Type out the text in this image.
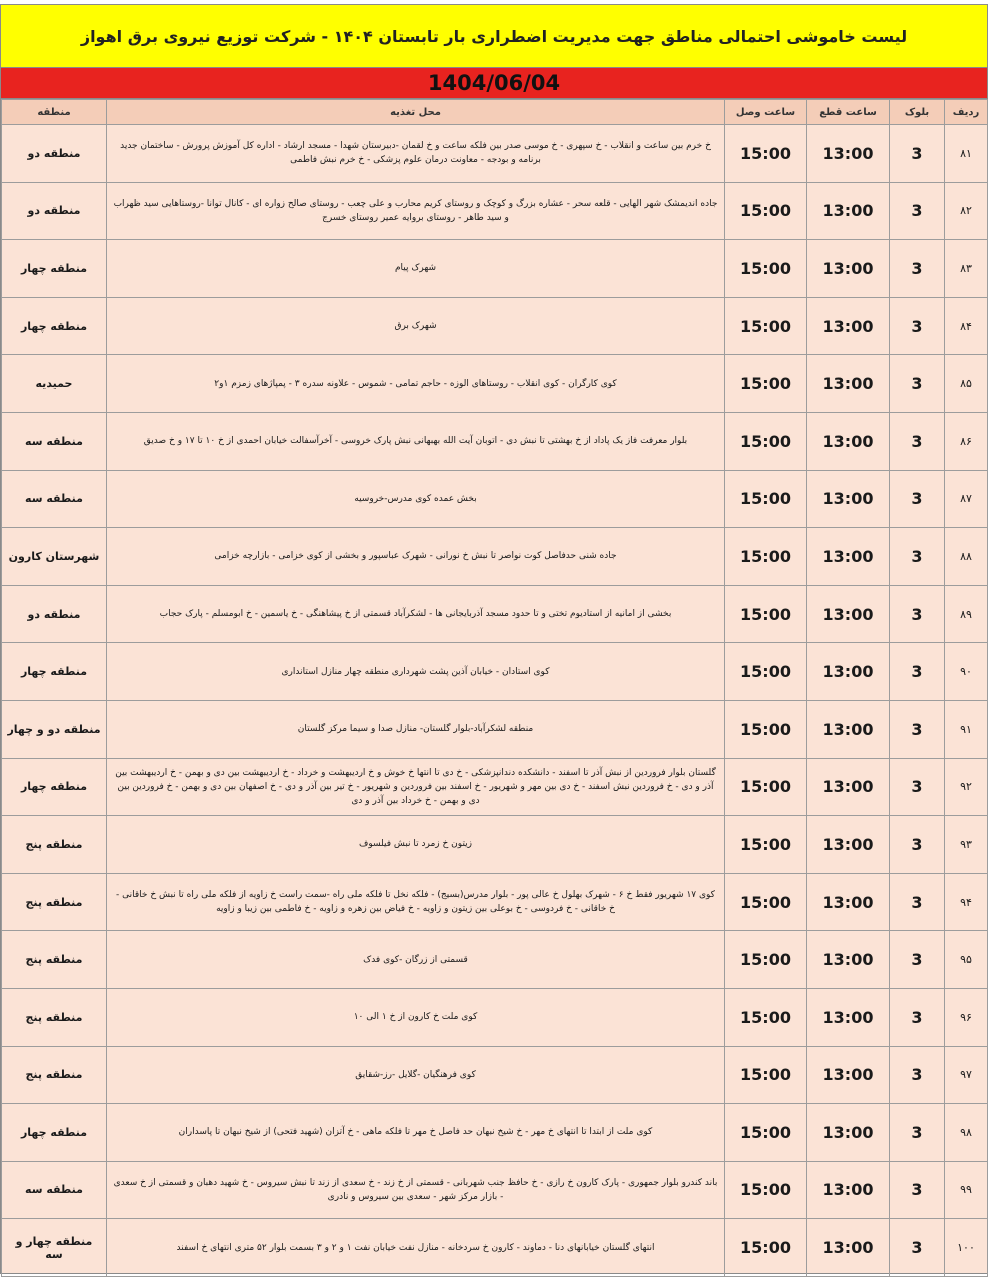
لیست خاموشی احتمالی مناطق جهت مدیریت اضطراری بار تابستان ۱۴۰۴ - شرکت توزیع نیروی برق اهواز
1404/06/04
ردیف	بلوک	ساعت قطع	ساعت وصل	محل تغذیه	منطقه
۸۱	3	13:00	15:00	خ خرم بین ساعت و انقلاب - خ سپهری - خ موسی صدر بین فلکه ساعت و خ لقمان -دبیرستان شهدا - مسجد ارشاد - اداره کل آموزش پرورش - ساختمان جدید برنامه و بودجه - معاونت درمان علوم پزشکی - خ خرم نبش فاطمی	منطقه دو
۸۲	3	13:00	15:00	جاده اندیمشک شهر الهایی - قلعه سحر - عشاره بزرگ و کوچک و روستای کریم محارب و علی چعب - روستای صالح زواره ای - کانال توانا -روستاهایی سید ظهراب و سید طاهر - روستای بروایه عمیر روستای خسرج	منطقه دو
۸۳	3	13:00	15:00	شهرک پیام	منطقه چهار
۸۴	3	13:00	15:00	شهرک برق	منطقه چهار
۸۵	3	13:00	15:00	کوی کارگران - کوی انقلاب - روستاهای الوزه - حاجم تمامی - شموس - علاونه سدره ۳ - پمپاژهای زمزم ۱و۲	حمیدیه
۸۶	3	13:00	15:00	بلوار معرفت فاز یک پاداد از خ بهشتی تا نبش دی - اتوبان آیت الله بهبهانی نبش پارک خروسی - آخرآسفالت خیابان احمدی از خ ۱۰ تا ۱۷ و خ صدیق	منطقه سه
۸۷	3	13:00	15:00	بخش عمده کوی مدرس-خروسیه	منطقه سه
۸۸	3	13:00	15:00	جاده شنی حدفاصل کوت نواصر تا نبش خ نورانی - شهرک عباسپور و بخشی از کوی خزامی - بازارچه خزامی	شهرستان کارون
۸۹	3	13:00	15:00	بخشی از امانیه از استادیوم تختی و تا حدود مسجد آذربایجانی ها - لشکرآباد قسمتی از خ پیشاهنگی - خ یاسمین - خ ابومسلم - پارک حجاب	منطقه دو
۹۰	3	13:00	15:00	کوی استادان - خیابان آذین پشت شهرداری منطقه چهار منازل استانداری	منطقه چهار
۹۱	3	13:00	15:00	منطقه لشکرآباد-بلوار گلستان- منازل صدا و سیما مرکز گلستان	منطقه دو و چهار
۹۲	3	13:00	15:00	گلستان بلوار فروردین از نبش آذر تا اسفند - دانشکده دندانپزشکی - خ دی تا انتها خ خوش و خ اردیبهشت و خرداد - خ اردیبهشت بین دی و بهمن - خ اردیبهشت بین آذر و دی - خ فروردین نبش اسفند - خ دی بین مهر و شهریور - خ اسفند بین فروردین و شهریور - خ تیر بین آذر و دی - خ اصفهان بین دی و بهمن - خ فروردین بین دی و بهمن - خ خرداد بین آذر و دی	منطقه چهار
۹۳	3	13:00	15:00	زیتون خ زمرد تا نبش فیلسوف	منطقه پنج
۹۴	3	13:00	15:00	کوی ۱۷ شهریور فقط خ ۶ - شهرک بهلول خ عالی پور - بلوار مدرس(بسیج) - فلکه نخل تا فلکه ملی راه -سمت راست خ زاویه از فلکه ملی راه تا نبش خ خاقانی - خ خاقانی - خ فردوسی - خ بوعلی بین زیتون و زاویه - خ فیاض بین زهره و زاویه - خ فاطمی بین زیبا و زاویه	منطقه پنج
۹۵	3	13:00	15:00	قسمتی از زرگان -کوی فدک	منطقه پنج
۹۶	3	13:00	15:00	کوی ملت خ کارون از خ ۱ الی ۱۰	منطقه پنج
۹۷	3	13:00	15:00	کوی فرهنگیان -گلایل -رز-شقایق	منطقه پنج
۹۸	3	13:00	15:00	کوی ملت از ابتدا تا انتهای خ مهر - خ شیخ نبهان حد فاصل خ مهر تا فلکه ماهی - خ آتزان (شهید فتحی) از شیخ نبهان تا پاسداران	منطقه چهار
۹۹	3	13:00	15:00	باند کندرو بلوار جمهوری - پارک کارون خ رازی - خ حافظ جنب شهربانی - قسمتی از خ زند - خ سعدی از زند تا نبش سیروس - خ شهید دهبان و قسمتی از خ سعدی - بازار مرکز شهر - سعدی بین سیروس و نادری	منطقه سه
۱۰۰	3	13:00	15:00	انتهای گلستان خیابانهای دنا - دماوند - کارون خ سردخانه - منازل نفت خیابان نفت ۱ و ۲ و ۳ بسمت بلوار ۵۲ متری انتهای خ اسفند	منطقه چهار و سه
